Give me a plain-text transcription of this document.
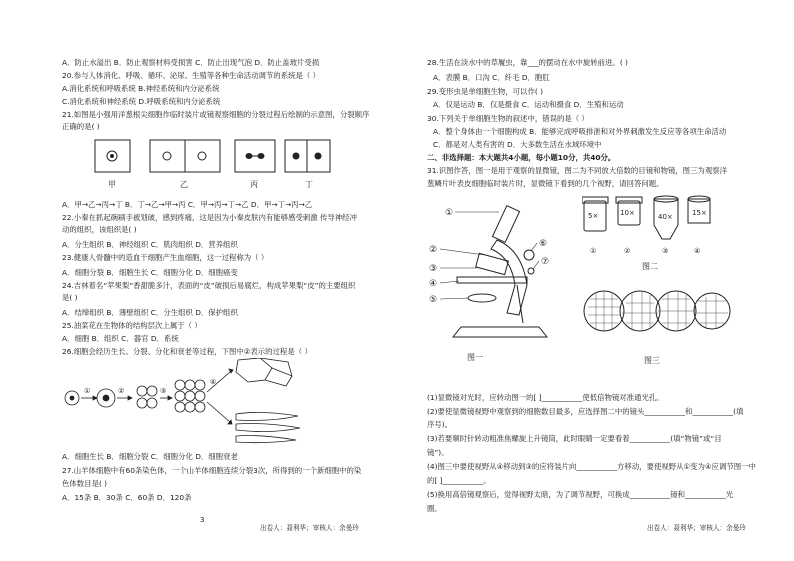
A．防止水溢出 B．防止观察材料受损害 C．防止出现气泡 D．防止盖玻片受损
20.参与人体消化、呼吸、循环、泌尿、生殖等各种生命活动调节的系统是（ ）
A.消化系统和呼吸系统 B.神经系统和内分泌系统
C.消化系统和神经系统 D.呼吸系统和内分泌系统
21.如图是小强用洋葱根尖细胞作临时装片或镜观察细胞的分裂过程后绘制的示意图，分裂顺序
正确的是( )
A．甲→乙→丙→丁 B．丁→乙→甲→丙 C．甲→丙→丁→乙 D．甲→丁→丙→乙
22.小秦在抓起碗刷手被划破，感到疼痛，这是因为小秦皮肤内有能够感受刺激 传导神经冲
动的组织，该组织是( )
A．分生组织 B．神经组织 C．肌肉组织 D．营养组织
23.健康人骨髓中的造血干细胞产生血细胞，这一过程称为（ ）
A．细胞分裂 B．细胞生长 C．细胞分化 D．细胞癌变
24.吉林着名“苹果梨”香甜脆多汁，表面的“皮”破损后易腐烂，构成苹果梨“皮”的主要组织
是( )
A．结缔组织 B．薄壁组织 C．分生组织 D．保护组织
25.油菜花在生物体的结构层次上属于（ ）
A．细胞 B．组织 C．器官 D．系统
26.细胞会经历生长、分裂、分化和衰老等过程，下图中②表示的过程是（ ）
A．细胞生长 B．细胞分裂 C．细胞分化 D．细胞衰老
27.山羊体细胞中有60条染色体，一个山羊体细胞连续分裂3次，所得到的一个新细胞中的染
色体数目是( )
A．15条 B．30条 C．60条 D．120条
甲	乙	丙	丁
①	②	③
④
3
出卷人：聂利华；审核人：余曼玲
28.生活在淡水中的草履虫，靠___的摆动在水中旋转前进。( )
A．表膜 B．口沟 C．纤毛 D．胞肛
29.变形虫是单细胞生物，可以作( )
A．仅是运动 B．仅是摄食 C．运动和摄食 D．生殖和运动
30.下列关于单细胞生物的叙述中，错误的是（ ）
A．整个身体由一个细胞构成 B．能够完成呼吸排泄和对外界刺激发生反应等各项生命活动
C．都是对人类有害的 D．大多数生活在水域环境中
二、非选择题：本大题共4小题，每小题10分，共40分。
31.识图作答，图一是用于观察的显微镜，图二为不同放大倍数的目镜和物镜，图三为观察洋
葱鳞片叶表皮细胞临时装片时，显微镜下看到的几个视野，请回答问题。
(1)显微镜对光时，应转动图一的[ ]___________使低倍物镜对准通光孔。
(2)要使显微镜视野中观察到的细胞数目最多，应选择图二中的镜头___________和___________(填
序号)。
(3)若要顺时针转动粗准焦螺旋上升镜筒，此时眼睛一定要看着___________(填“物镜”或“目
镜”)。
(4)图三中要使视野从④移动到③的应将装片向___________方移动，要使视野从①变为④应调节图一中
的[ ]___________。
(5)换用高倍镜观察后，觉得视野太暗，为了调节视野，可换成___________镜和___________光
圈。
①
②
③
④
⑤
⑥
⑦
图一
5×	10×	40×	15×
①	②	③	④
图二
图三
出卷人：聂利华；审核人：余曼玲
